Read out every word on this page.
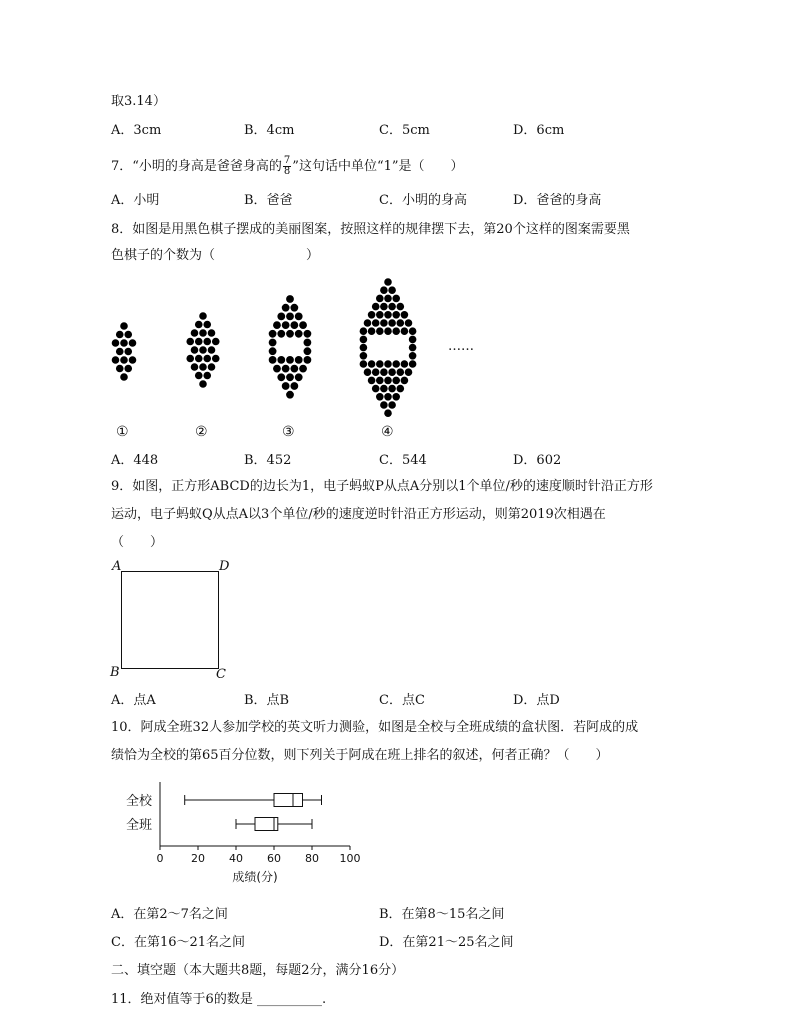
取3.14）
A．3cm	B．4cm	C．5cm	D．6cm
7．“小明的身高是爸爸身高的 $\frac{7}{8}$ ”这句话中单位“1”是（　　）
A．小明	B．爸爸	C．小明的身高	D．爸爸的身高
8．如图是用黑色棋子摆成的美丽图案，按照这样的规律摆下去，第20个这样的图案需要黑
色棋子的个数为（　　　　　　　）
……
①	②	③	④
A．448	B．452	C．544	D．602
9．如图，正方形ABCD的边长为1，电子蚂蚁P从点A分别以1个单位/秒的速度顺时针沿正方形
运动，电子蚂蚁Q从点A以3个单位/秒的速度逆时针沿正方形运动，则第2019次相遇在
（　　）
A	D
B	C
A．点A	B．点B	C．点C	D．点D
10．阿成全班32人参加学校的英文听力测验，如图是全校与全班成绩的盒状图．若阿成的成
绩恰为全校的第65百分位数，则下列关于阿成在班上排名的叙述，何者正确？（　　）
0	20 40 60 80 100
成绩(分)
全校
全班
A．在第2～7名之间	B．在第8～15名之间
C．在第16～21名之间	D．在第21～25名之间
二、填空题（本大题共8题，每题2分，满分16分）
11．绝对值等于6的数是 __________.
